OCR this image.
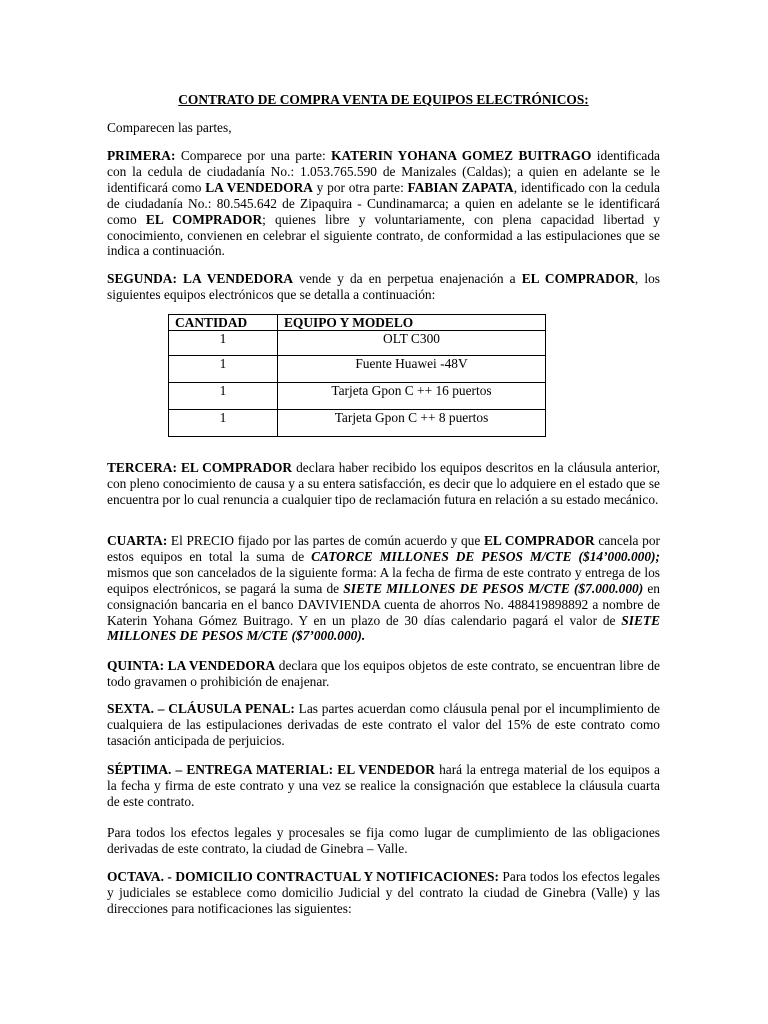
CONTRATO DE COMPRA VENTA DE EQUIPOS ELECTRÓNICOS:

Comparecen las partes,

PRIMERA: Comparece por una parte: KATERIN YOHANA GOMEZ BUITRAGO identificada con la cedula de ciudadanía No.: 1.053.765.590 de Manizales (Caldas); a quien en adelante se le identificará como LA VENDEDORA y por otra parte: FABIAN ZAPATA, identificado con la cedula de ciudadanía No.: 80.545.642 de Zipaquira - Cundinamarca; a quien en adelante se le identificará como EL COMPRADOR; quienes libre y voluntariamente, con plena capacidad libertad y conocimiento, convienen en celebrar el siguiente contrato, de conformidad a las estipulaciones que se indica a continuación.

SEGUNDA: LA VENDEDORA vende y da en perpetua enajenación a EL COMPRADOR, los siguientes equipos electrónicos que se detalla a continuación:

CANTIDAD	EQUIPO Y MODELO
1	OLT C300
1	Fuente Huawei -48V
1	Tarjeta Gpon C ++ 16 puertos
1	Tarjeta Gpon C ++ 8 puertos

TERCERA: EL COMPRADOR declara haber recibido los equipos descritos en la cláusula anterior, con pleno conocimiento de causa y a su entera satisfacción, es decir que lo adquiere en el estado que se encuentra por lo cual renuncia a cualquier tipo de reclamación futura en relación a su estado mecánico.

CUARTA: El PRECIO fijado por las partes de común acuerdo y que EL COMPRADOR cancela por estos equipos en total la suma de CATORCE MILLONES DE PESOS M/CTE ($14’000.000); mismos que son cancelados de la siguiente forma: A la fecha de firma de este contrato y entrega de los equipos electrónicos, se pagará la suma de SIETE MILLONES DE PESOS M/CTE ($7.000.000) en consignación bancaria en el banco DAVIVIENDA cuenta de ahorros No. 488419898892 a nombre de Katerin Yohana Gómez Buitrago. Y en un plazo de 30 días calendario pagará el valor de SIETE MILLONES DE PESOS M/CTE ($7’000.000).

QUINTA: LA VENDEDORA declara que los equipos objetos de este contrato, se encuentran libre de todo gravamen o prohibición de enajenar.

SEXTA. – CLÁUSULA PENAL: Las partes acuerdan como cláusula penal por el incumplimiento de cualquiera de las estipulaciones derivadas de este contrato el valor del 15% de este contrato como tasación anticipada de perjuicios.

SÉPTIMA. – ENTREGA MATERIAL: EL VENDEDOR hará la entrega material de los equipos a la fecha y firma de este contrato y una vez se realice la consignación que establece la cláusula cuarta de este contrato.

Para todos los efectos legales y procesales se fija como lugar de cumplimiento de las obligaciones derivadas de este contrato, la ciudad de Ginebra – Valle.

OCTAVA. - DOMICILIO CONTRACTUAL Y NOTIFICACIONES: Para todos los efectos legales y judiciales se establece como domicilio Judicial y del contrato la ciudad de Ginebra (Valle) y las direcciones para notificaciones las siguientes:
